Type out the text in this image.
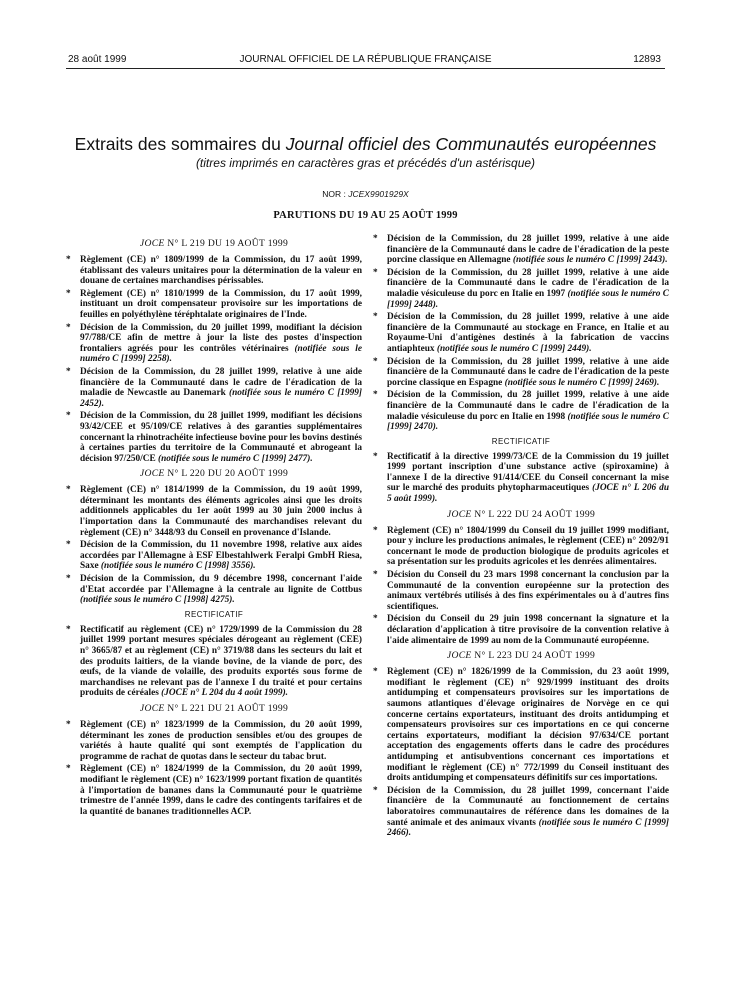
28 août 1999	JOURNAL OFFICIEL DE LA RÉPUBLIQUE FRANÇAISE	12893
Extraits des sommaires du Journal officiel des Communautés européennes
(titres imprimés en caractères gras et précédés d'un astérisque)
NOR : JCEX9901929X
PARUTIONS DU 19 AU 25 AOÛT 1999
JOCE N° L 219 DU 19 AOÛT 1999
* Règlement (CE) n° 1809/1999 de la Commission, du 17 août 1999, établissant des valeurs unitaires pour la détermination de la valeur en douane de certaines marchandises périssables.
* Règlement (CE) n° 1810/1999 de la Commission, du 17 août 1999, instituant un droit compensateur provisoire sur les importations de feuilles en polyéthylène téréphtalate originaires de l'Inde.
* Décision de la Commission, du 20 juillet 1999, modifiant la décision 97/788/CE afin de mettre à jour la liste des postes d'inspection frontaliers agréés pour les contrôles vétérinaires (notifiée sous le numéro C [1999] 2258).
* Décision de la Commission, du 28 juillet 1999, relative à une aide financière de la Communauté dans le cadre de l'éradication de la maladie de Newcastle au Danemark (notifiée sous le numéro C [1999] 2452).
* Décision de la Commission, du 28 juillet 1999, modifiant les décisions 93/42/CEE et 95/109/CE relatives à des garanties supplémentaires concernant la rhinotrachéite infectieuse bovine pour les bovins destinés à certaines parties du territoire de la Communauté et abrogeant la décision 97/250/CE (notifiée sous le numéro C [1999] 2477).
JOCE N° L 220 DU 20 AOÛT 1999
* Règlement (CE) n° 1814/1999 de la Commission, du 19 août 1999, déterminant les montants des éléments agricoles ainsi que les droits additionnels applicables du 1er août 1999 au 30 juin 2000 inclus à l'importation dans la Communauté des marchandises relevant du règlement (CE) n° 3448/93 du Conseil en provenance d'Islande.
* Décision de la Commission, du 11 novembre 1998, relative aux aides accordées par l'Allemagne à ESF Elbestahlwerk Feralpi GmbH Riesa, Saxe (notifiée sous le numéro C [1998] 3556).
* Décision de la Commission, du 9 décembre 1998, concernant l'aide d'Etat accordée par l'Allemagne à la centrale au lignite de Cottbus (notifiée sous le numéro C [1998] 4275).
RECTIFICATIF
* Rectificatif au règlement (CE) n° 1729/1999 de la Commission du 28 juillet 1999 portant mesures spéciales dérogeant au règlement (CEE) n° 3665/87 et au règlement (CE) n° 3719/88 dans les secteurs du lait et des produits laitiers, de la viande bovine, de la viande de porc, des œufs, de la viande de volaille, des produits exportés sous forme de marchandises ne relevant pas de l'annexe I du traité et pour certains produits de céréales (JOCE n° L 204 du 4 août 1999).
JOCE N° L 221 DU 21 AOÛT 1999
* Règlement (CE) n° 1823/1999 de la Commission, du 20 août 1999, déterminant les zones de production sensibles et/ou des groupes de variétés à haute qualité qui sont exemptés de l'application du programme de rachat de quotas dans le secteur du tabac brut.
* Règlement (CE) n° 1824/1999 de la Commission, du 20 août 1999, modifiant le règlement (CE) n° 1623/1999 portant fixation de quantités à l'importation de bananes dans la Communauté pour le quatrième trimestre de l'année 1999, dans le cadre des contingents tarifaires et de la quantité de bananes traditionnelles ACP.
* Décision de la Commission, du 28 juillet 1999, relative à une aide financière de la Communauté dans le cadre de l'éradication de la peste porcine classique en Allemagne (notifiée sous le numéro C [1999] 2443).
* Décision de la Commission, du 28 juillet 1999, relative à une aide financière de la Communauté dans le cadre de l'éradication de la maladie vésiculeuse du porc en Italie en 1997 (notifiée sous le numéro C [1999] 2448).
* Décision de la Commission, du 28 juillet 1999, relative à une aide financière de la Communauté au stockage en France, en Italie et au Royaume-Uni d'antigènes destinés à la fabrication de vaccins antiaphteux (notifiée sous le numéro C [1999] 2449).
* Décision de la Commission, du 28 juillet 1999, relative à une aide financière de la Communauté dans le cadre de l'éradication de la peste porcine classique en Espagne (notifiée sous le numéro C [1999] 2469).
* Décision de la Commission, du 28 juillet 1999, relative à une aide financière de la Communauté dans le cadre de l'éradication de la maladie vésiculeuse du porc en Italie en 1998 (notifiée sous le numéro C [1999] 2470).
RECTIFICATIF
* Rectificatif à la directive 1999/73/CE de la Commission du 19 juillet 1999 portant inscription d'une substance active (spiroxamine) à l'annexe I de la directive 91/414/CEE du Conseil concernant la mise sur le marché des produits phytopharmaceutiques (JOCE n° L 206 du 5 août 1999).
JOCE N° L 222 DU 24 AOÛT 1999
* Règlement (CE) n° 1804/1999 du Conseil du 19 juillet 1999 modifiant, pour y inclure les productions animales, le règlement (CEE) n° 2092/91 concernant le mode de production biologique de produits agricoles et sa présentation sur les produits agricoles et les denrées alimentaires.
* Décision du Conseil du 23 mars 1998 concernant la conclusion par la Communauté de la convention européenne sur la protection des animaux vertébrés utilisés à des fins expérimentales ou à d'autres fins scientifiques.
* Décision du Conseil du 29 juin 1998 concernant la signature et la déclaration d'application à titre provisoire de la convention relative à l'aide alimentaire de 1999 au nom de la Communauté européenne.
JOCE N° L 223 DU 24 AOÛT 1999
* Règlement (CE) n° 1826/1999 de la Commission, du 23 août 1999, modifiant le règlement (CE) n° 929/1999 instituant des droits antidumping et compensateurs provisoires sur les importations de saumons atlantiques d'élevage originaires de Norvège en ce qui concerne certains exportateurs, instituant des droits antidumping et compensateurs provisoires sur ces importations en ce qui concerne certains exportateurs, modifiant la décision 97/634/CE portant acceptation des engagements offerts dans le cadre des procédures antidumping et antisubventions concernant ces importations et modifiant le règlement (CE) n° 772/1999 du Conseil instituant des droits antidumping et compensateurs définitifs sur ces importations.
* Décision de la Commission, du 28 juillet 1999, concernant l'aide financière de la Communauté au fonctionnement de certains laboratoires communautaires de référence dans les domaines de la santé animale et des animaux vivants (notifiée sous le numéro C [1999] 2466).
